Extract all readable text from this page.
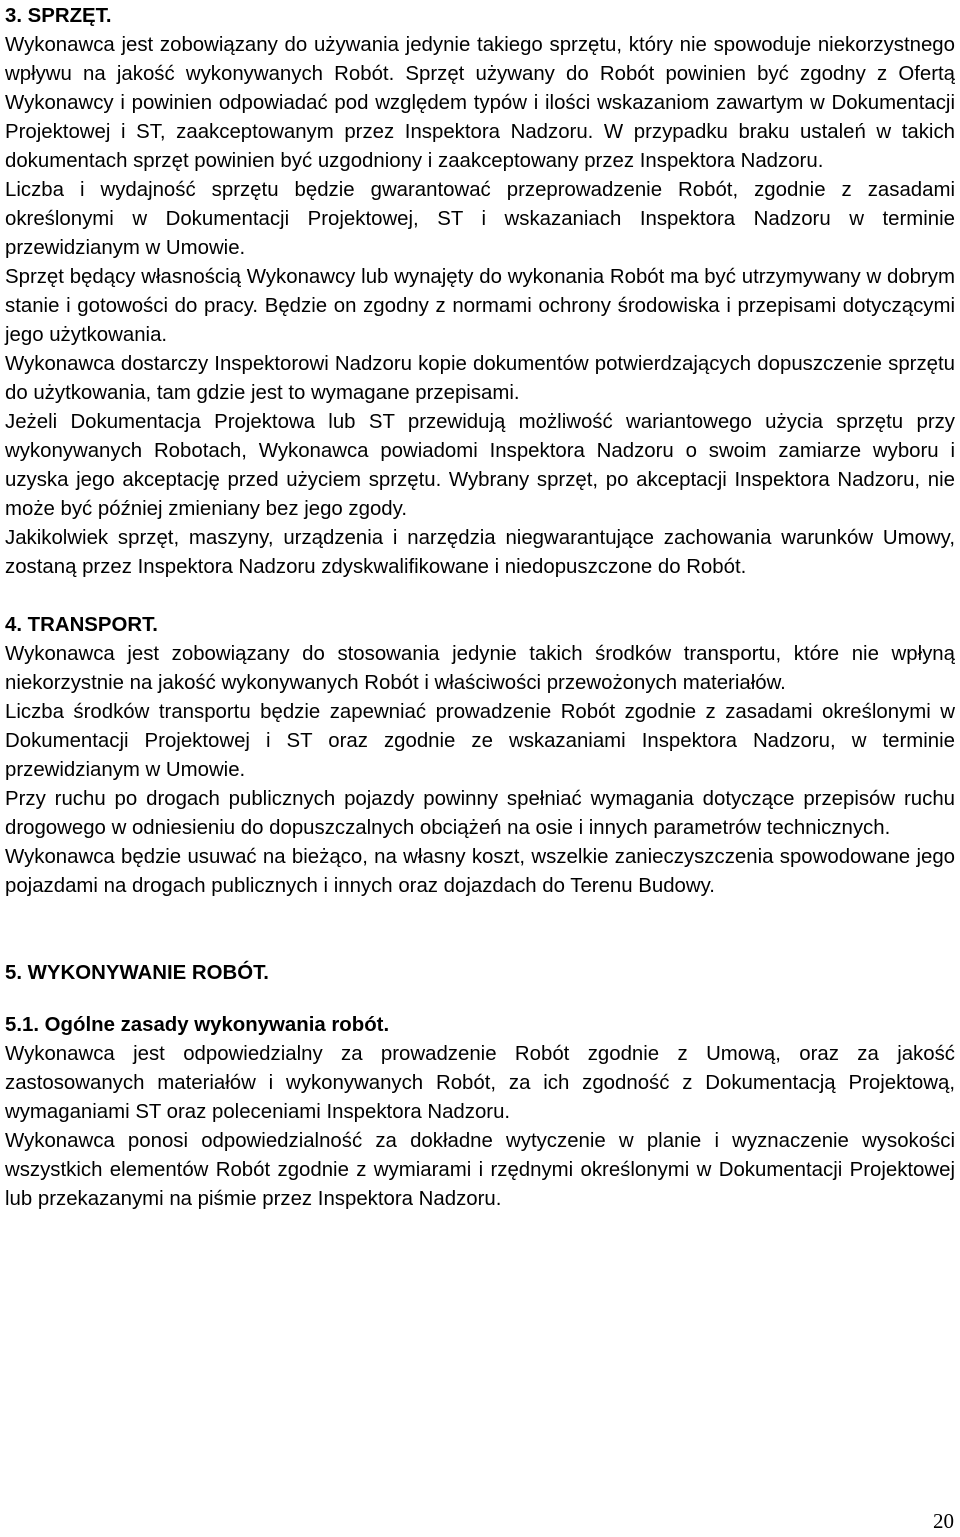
3. SPRZĘT.

Wykonawca jest zobowiązany do używania jedynie takiego sprzętu, który nie spowoduje niekorzystnego wpływu na jakość wykonywanych Robót. Sprzęt używany do Robót powinien być zgodny z Ofertą Wykonawcy i powinien odpowiadać pod względem typów i ilości wskazaniom zawartym w Dokumentacji Projektowej i ST, zaakceptowanym przez Inspektora Nadzoru. W przypadku braku ustaleń w takich dokumentach sprzęt powinien być uzgodniony i zaakceptowany przez Inspektora Nadzoru.

Liczba i wydajność sprzętu będzie gwarantować przeprowadzenie Robót, zgodnie z zasadami określonymi w Dokumentacji Projektowej, ST i wskazaniach Inspektora Nadzoru w terminie przewidzianym w Umowie.

Sprzęt będący własnością Wykonawcy lub wynajęty do wykonania Robót ma być utrzymywany w dobrym stanie i gotowości do pracy. Będzie on zgodny z normami ochrony środowiska i przepisami dotyczącymi jego użytkowania.

Wykonawca dostarczy Inspektorowi Nadzoru kopie dokumentów potwierdzających dopuszczenie sprzętu do użytkowania, tam gdzie jest to wymagane przepisami.

Jeżeli Dokumentacja Projektowa lub ST przewidują możliwość wariantowego użycia sprzętu przy wykonywanych Robotach, Wykonawca powiadomi Inspektora Nadzoru o swoim zamiarze wyboru i uzyska jego akceptację przed użyciem sprzętu. Wybrany sprzęt, po akceptacji Inspektora Nadzoru, nie może być później zmieniany bez jego zgody.

Jakikolwiek sprzęt, maszyny, urządzenia i narzędzia niegwarantujące zachowania warunków Umowy, zostaną przez Inspektora Nadzoru zdyskwalifikowane i niedopuszczone do Robót.

4. TRANSPORT.

Wykonawca jest zobowiązany do stosowania jedynie takich środków transportu, które nie wpłyną niekorzystnie na jakość wykonywanych Robót i właściwości przewożonych materiałów.

Liczba środków transportu będzie zapewniać prowadzenie Robót zgodnie z zasadami określonymi w Dokumentacji Projektowej i ST oraz zgodnie ze wskazaniami Inspektora Nadzoru, w terminie przewidzianym w Umowie.

Przy ruchu po drogach publicznych pojazdy powinny spełniać wymagania dotyczące przepisów ruchu drogowego w odniesieniu do dopuszczalnych obciążeń na osie i innych parametrów technicznych.

Wykonawca będzie usuwać na bieżąco, na własny koszt, wszelkie zanieczyszczenia spowodowane jego pojazdami na drogach publicznych i innych oraz dojazdach do Terenu Budowy.

5. WYKONYWANIE ROBÓT.

5.1. Ogólne zasady wykonywania robót.

Wykonawca jest odpowiedzialny za prowadzenie Robót zgodnie z Umową, oraz za jakość zastosowanych materiałów i wykonywanych Robót, za ich zgodność z Dokumentacją Projektową, wymaganiami ST oraz poleceniami Inspektora Nadzoru.

Wykonawca ponosi odpowiedzialność za dokładne wytyczenie w planie i wyznaczenie wysokości wszystkich elementów Robót zgodnie z wymiarami i rzędnymi określonymi w Dokumentacji Projektowej lub przekazanymi na piśmie przez Inspektora Nadzoru.

20
